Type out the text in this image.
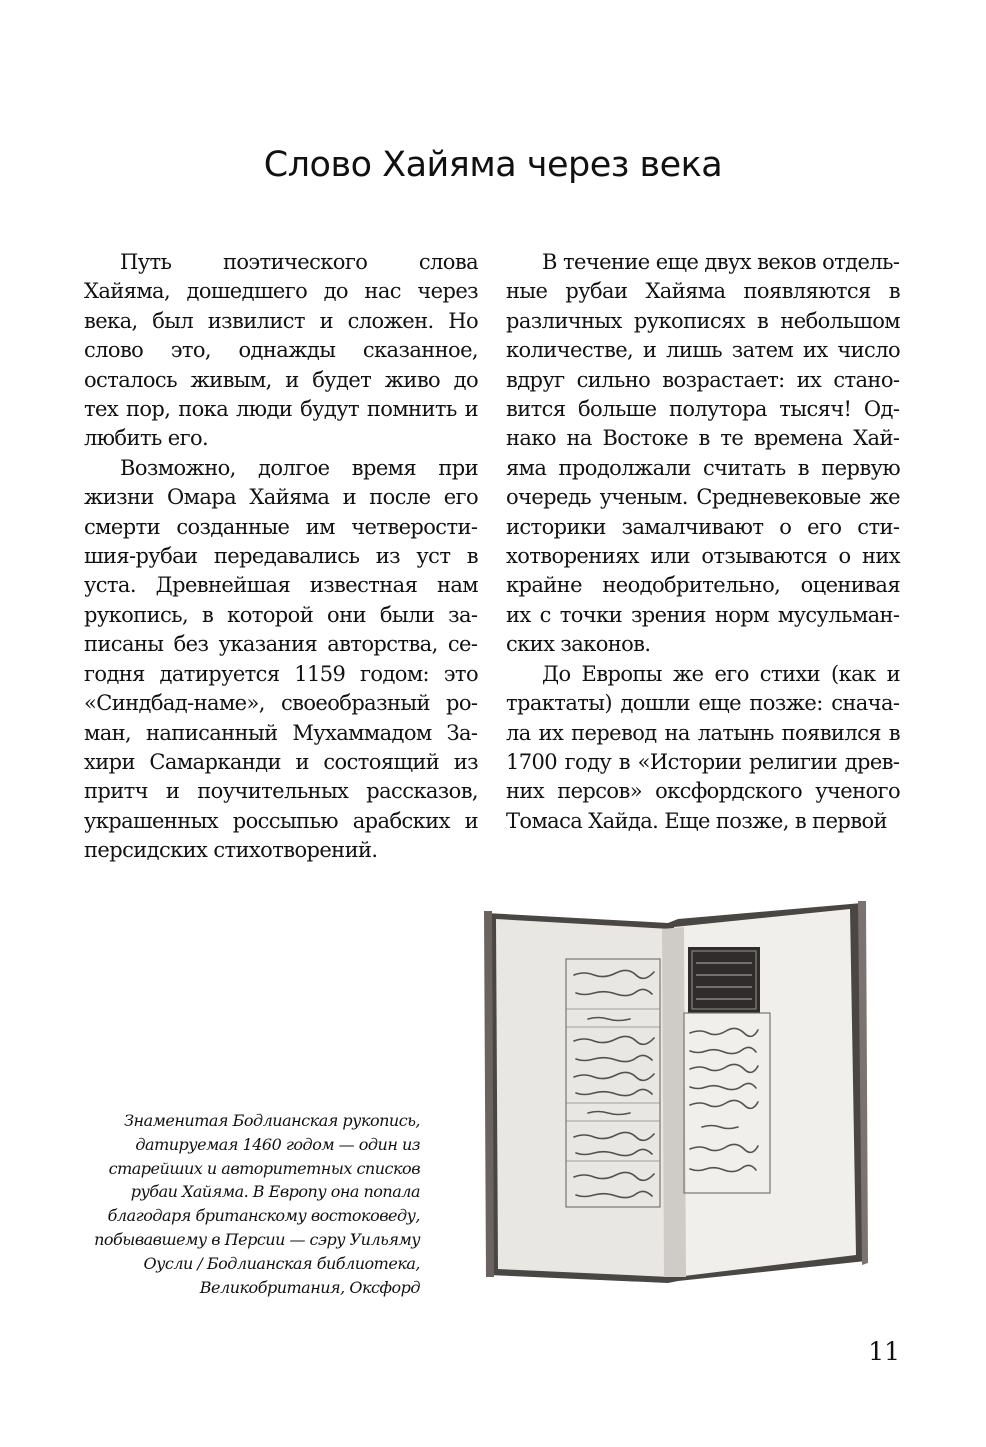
Слово Хайяма через века

Путь поэтического слова Хайяма, дошедшего до нас через века, был извилист и сложен. Но слово это, однажды сказанное, осталось живым, и будет живо до тех пор, пока люди будут помнить и любить его.

Возможно, долгое время при жизни Омара Хайяма и после его смерти созданные им четверостишия-рубаи передавались из уст в уста. Древнейшая известная нам рукопись, в которой они были записаны без указания авторства, сегодня датируется 1159 годом: это «Синдбад-наме», своеобразный роман, написанный Мухаммадом Захири Самарканди и состоящий из притч и поучительных рассказов, украшенных россыпью арабских и персидских стихотворений.

В течение еще двух веков отдельные рубаи Хайяма появляются в различных рукописях в небольшом количестве, и лишь затем их число вдруг сильно возрастает: их становится больше полутора тысяч! Однако на Востоке в те времена Хайяма продолжали считать в первую очередь ученым. Средневековые же историки замалчивают о его стихотворениях или отзываются о них крайне неодобрительно, оценивая их с точки зрения норм мусульманских законов.

До Европы же его стихи (как и трактаты) дошли еще позже: сначала их перевод на латынь появился в 1700 году в «Истории религии древних персов» оксфордского ученого Томаса Хайда. Еще позже, в первой

Знаменитая Бодлианская рукопись, датируемая 1460 годом — один из старейших и авторитетных списков рубаи Хайяма. В Европу она попала благодаря британскому востоковеду, побывавшему в Персии — сэру Уильяму Оусли / Бодлианская библиотека, Великобритания, Оксфорд
11
